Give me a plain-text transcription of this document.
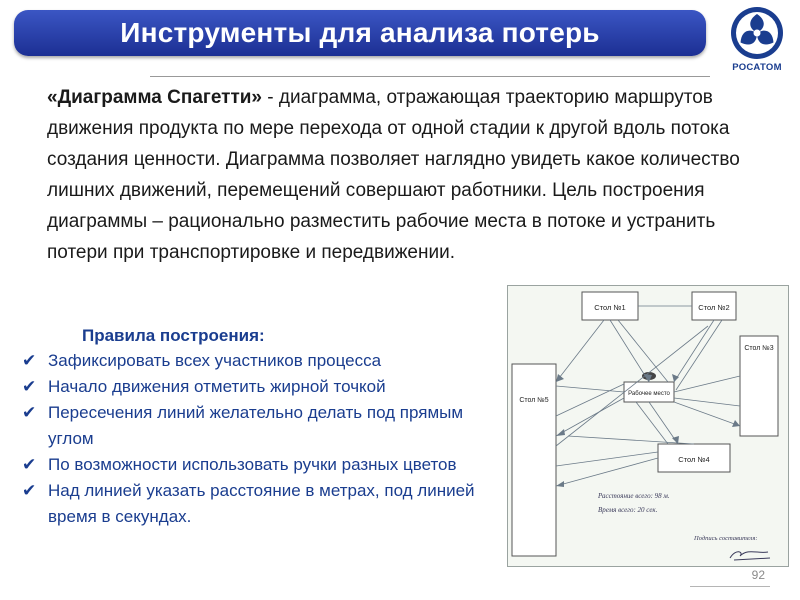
Инструменты для анализа потерь
РОСАТОМ
«Диаграмма Спагетти» - диаграмма, отражающая траекторию маршрутов движения продукта по мере перехода от одной стадии к другой вдоль потока создания ценности. Диаграмма позволяет наглядно увидеть какое количество лишних движений, перемещений совершают работники. Цель построения диаграммы – рационально разместить рабочие места в потоке и устранить потери при транспортировке и передвижении.
Правила построения:
✔ Зафиксировать всех участников процесса
✔ Начало движения отметить жирной точкой
✔ Пересечения линий желательно делать под прямым углом
✔ По возможности использовать ручки разных цветов
✔ Над линией указать расстояние в метрах, под линией время в секундах.
Стол №1	Стол №2
Стол №3
Стол №4
Стол №5
Рабочее место
Расстояние всего: 98 м.
Время всего: 20 сек.
Подпись составителя:
92
